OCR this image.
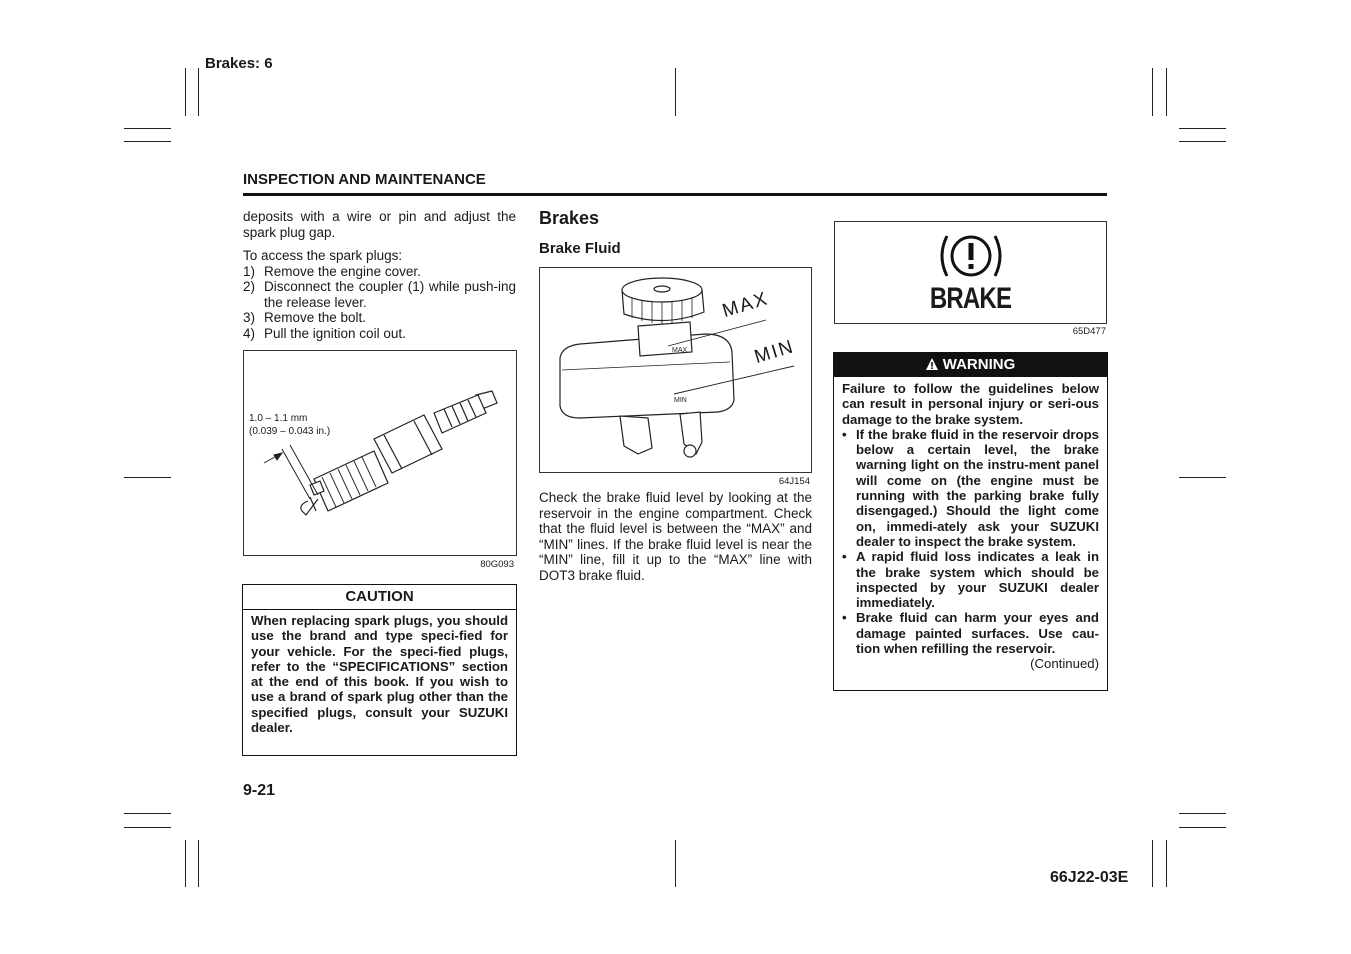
Brakes: 6
INSPECTION AND MAINTENANCE

deposits with a wire or pin and adjust the spark plug gap.

To access the spark plugs:

1) Remove the engine cover.
2) Disconnect the coupler (1) while push-ing the release lever.
3) Remove the bolt.
4) Pull the ignition coil out.
1.0 – 1.1 mm
(0.039 – 0.043 in.)
80G093
CAUTION
When replacing spark plugs, you should use the brand and type speci-fied for your vehicle. For the speci-fied plugs, refer to the “SPECIFICATIONS” section at the end of this book. If you wish to use a brand of spark plug other than the specified plugs, consult your SUZUKI dealer.
Brakes
Brake Fluid
MAX
MIN
MAX
MIN
64J154

Check the brake fluid level by looking at the reservoir in the engine compartment. Check that the fluid level is between the “MAX” and “MIN” lines. If the brake fluid level is near the “MIN” line, fill it up to the “MAX” line with DOT3 brake fluid.

BRAKE
65D477
WARNING

Failure to follow the guidelines below can result in personal injury or seri-ous damage to the brake system.

• If the brake fluid in the reservoir drops below a certain level, the brake warning light on the instru-ment panel will come on (the engine must be running with the parking brake fully disengaged.) Should the light come on, immedi-ately ask your SUZUKI dealer to inspect the brake system.
• A rapid fluid loss indicates a leak in the brake system which should be inspected by your SUZUKI dealer immediately.
• Brake fluid can harm your eyes and damage painted surfaces. Use cau-tion when refilling the reservoir.
(Continued)
9-21
66J22-03E
